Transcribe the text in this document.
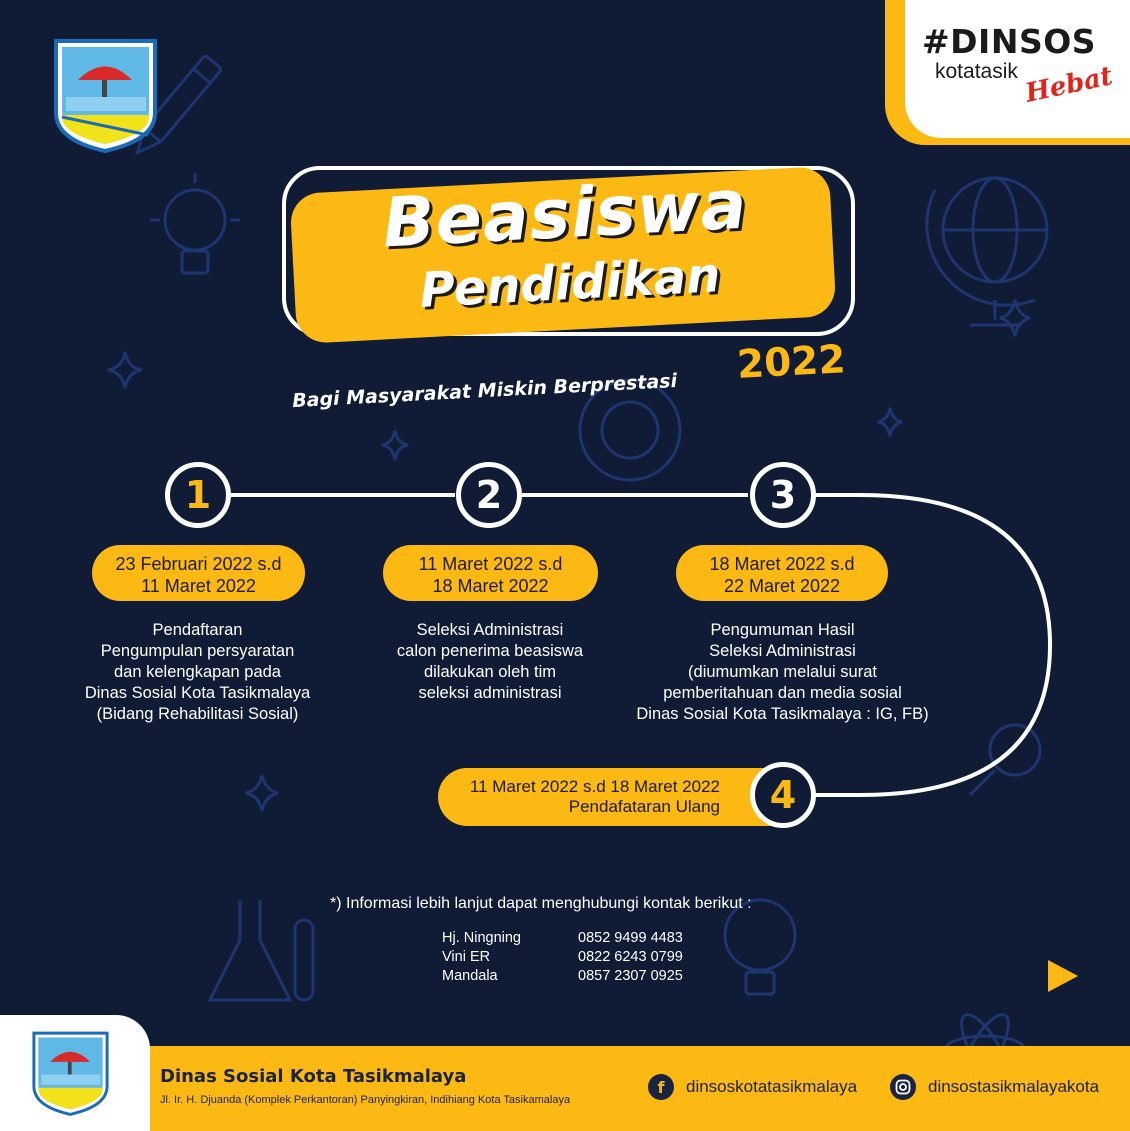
#DINSOS
kotatasik Hebat
Beasiswa
Pendidikan
Bagi Masyarakat Miskin Berprestasi
2022
1
23 Februari 2022 s.d
11 Maret 2022
Pendaftaran
Pengumpulan persyaratan
dan kelengkapan pada
Dinas Sosial Kota Tasikmalaya
(Bidang Rehabilitasi Sosial)
2
11 Maret 2022 s.d
18 Maret 2022
Seleksi Administrasi
calon penerima beasiswa
dilakukan oleh tim
seleksi administrasi
3
18 Maret 2022 s.d
22 Maret 2022
Pengumuman Hasil
Seleksi Administrasi
(diumumkan melalui surat
pemberitahuan dan media sosial
Dinas Sosial Kota Tasikmalaya : IG, FB)
11 Maret 2022 s.d 18 Maret 2022
Pendafataran Ulang 4
*) Informasi lebih lanjut dapat menghubungi kontak berikut :
Hj. Ningning	0852 9499 4483
Vini ER	0822 6243 0799
Mandala	0857 2307 0925
Dinas Sosial Kota Tasikmalaya
Jl. Ir. H. Djuanda (Komplek Perkantoran) Panyingkiran, Indihiang Kota Tasikamalaya
f	dinsoskotatasikmalaya	dinsostasikmalayakota
